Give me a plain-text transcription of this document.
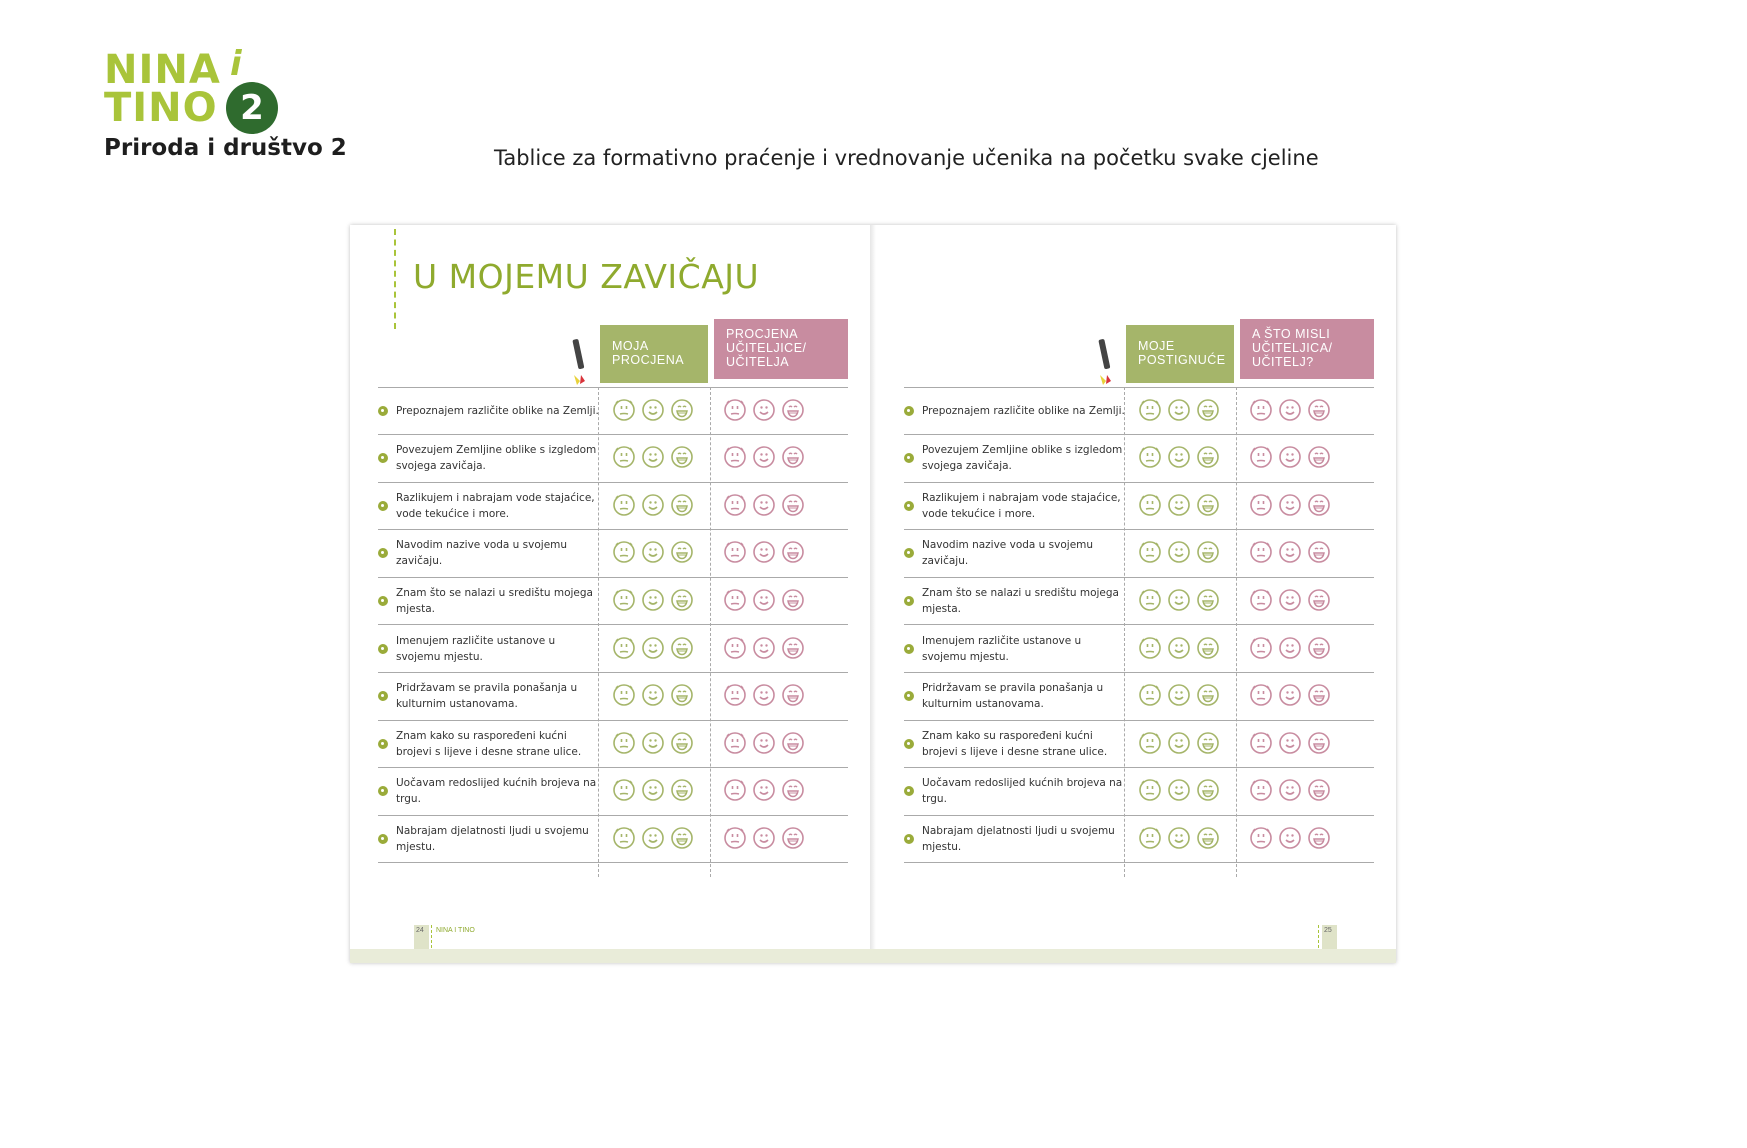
NINA i
TINO 2
Priroda i društvo 2	Tablice za formativno praćenje i vrednovanje učenika na početku svake cjeline
U MOJEMU ZAVIČAJU
MOJA PROCJENA
PROCJENA UČITELJICE/ UČITELJA
Prepoznajem različite oblike na Zemlji.
Povezujem Zemljine oblike s izgledom svojega zavičaja.
Razlikujem i nabrajam vode stajaćice, vode tekućice i more.
Navodim nazive voda u svojemu zavičaju.
Znam što se nalazi u središtu mojega mjesta.
Imenujem različite ustanove u svojemu mjestu.
Pridržavam se pravila ponašanja u kulturnim ustanovama.
Znam kako su raspoređeni kućni brojevi s lijeve i desne strane ulice.
Uočavam redoslijed kućnih brojeva na trgu.
Nabrajam djelatnosti ljudi u svojemu mjestu.
24 NINA I TINO
MOJE POSTIGNUĆE
A ŠTO MISLI UČITELJICA/ UČITELJ?
Prepoznajem različite oblike na Zemlji.
Povezujem Zemljine oblike s izgledom svojega zavičaja.
Razlikujem i nabrajam vode stajaćice, vode tekućice i more.
Navodim nazive voda u svojemu zavičaju.
Znam što se nalazi u središtu mojega mjesta.
Imenujem različite ustanove u svojemu mjestu.
Pridržavam se pravila ponašanja u kulturnim ustanovama.
Znam kako su raspoređeni kućni brojevi s lijeve i desne strane ulice.
Uočavam redoslijed kućnih brojeva na trgu.
Nabrajam djelatnosti ljudi u svojemu mjestu.
25
